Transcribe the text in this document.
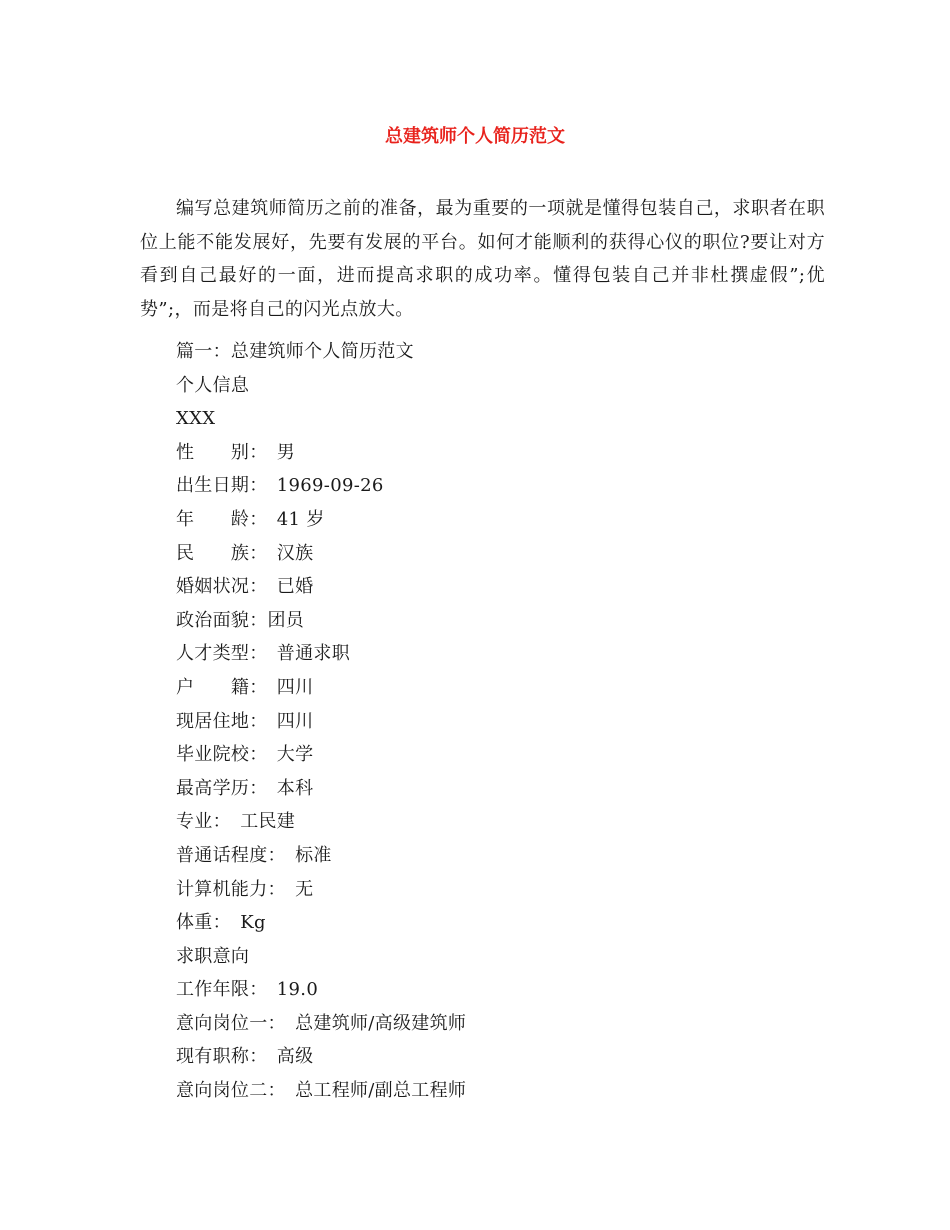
总建筑师个人简历范文
编写总建筑师简历之前的准备，最为重要的一项就是懂得包装自己，求职者在职位上能不能发展好，先要有发展的平台。如何才能顺利的获得心仪的职位?要让对方看到自己最好的一面，进而提高求职的成功率。懂得包装自己并非杜撰虚假”;优势”;，而是将自己的闪光点放大。
篇一：总建筑师个人简历范文
个人信息
XXX
性　　别：　男
出生日期：　1969-09-26
年　　龄：　41 岁
民　　族：　汉族
婚姻状况：　已婚
政治面貌：团员
人才类型：　普通求职
户　　籍：　四川
现居住地：　四川
毕业院校：　大学
最高学历：　本科
专业：　工民建
普通话程度：　标准
计算机能力：　无
体重：　Kg
求职意向
工作年限：　19.0
意向岗位一：　总建筑师/高级建筑师
现有职称：　高级
意向岗位二：　总工程师/副总工程师
